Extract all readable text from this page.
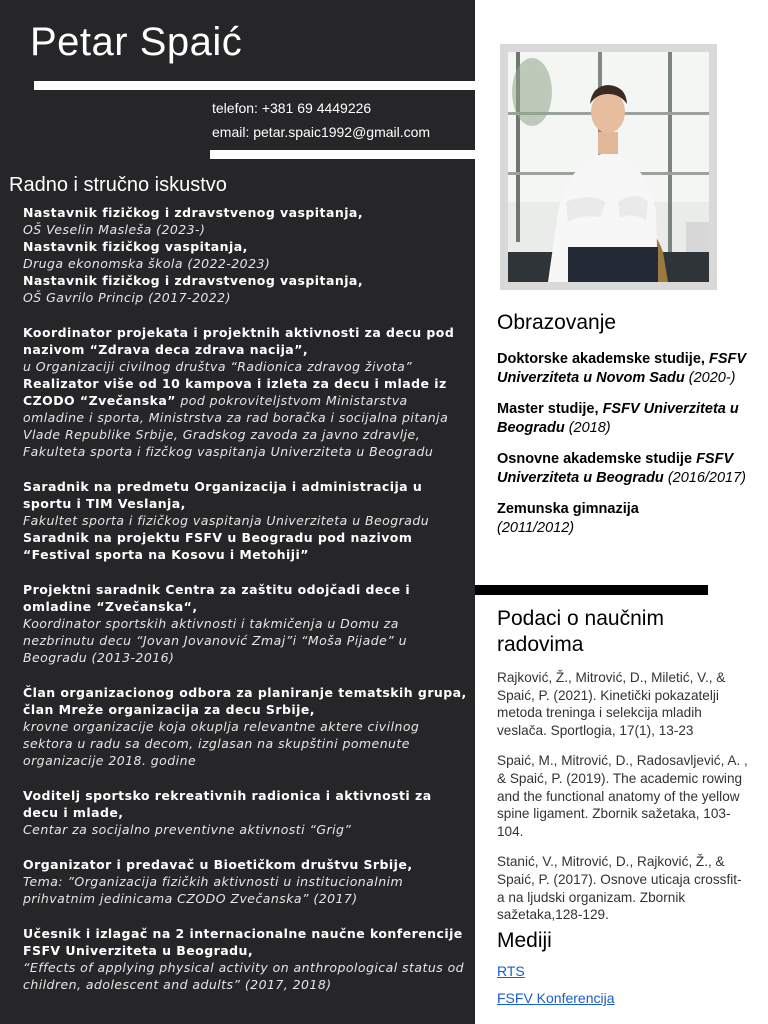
Petar Spaić
telefon: +381 69 4449226
email: petar.spaic1992@gmail.com
Radno i stručno iskustvo
Nastavnik fizičkog i zdravstvenog vaspitanja,
OŠ Veselin Masleša (2023-)
Nastavnik fizičkog vaspitanja,
Druga ekonomska škola (2022-2023)
Nastavnik fizičkog i zdravstvenog vaspitanja,
OŠ Gavrilo Princip (2017-2022)
Koordinator projekata i projektnih aktivnosti za decu pod nazivom “Zdrava deca zdrava nacija”,
u Organizaciji civilnog društva “Radionica zdravog života”
Realizator više od 10 kampova i izleta za decu i mlade iz CZODO “Zvečanska” pod pokroviteljstvom Ministarstva omladine i sporta, Ministrstva za rad boračka i socijalna pitanja Vlade Republike Srbije, Gradskog zavoda za javno zdravlje, Fakulteta sporta i fizčkog vaspitanja Univerziteta u Beogradu
Saradnik na predmetu Organizacija i administracija u sportu i TIM Veslanja,
Fakultet sporta i fizičkog vaspitanja Univerziteta u Beogradu
Saradnik na projektu FSFV u Beogradu pod nazivom “Festival sporta na Kosovu i Metohiji”
Projektni saradnik Centra za zaštitu odojčadi dece i omladine “Zvečanska“,
Koordinator sportskih aktivnosti i takmičenja u Domu za nezbrinutu decu “Jovan Jovanović Zmaj”i “Moša Pijade” u Beogradu (2013-2016)
Član organizacionog odbora za planiranje tematskih grupa, član Mreže organizacija za decu Srbije,
krovne organizacije koja okuplja relevantne aktere civilnog sektora u radu sa decom, izglasan na skupštini pomenute organizacije 2018. godine
Voditelj sportsko rekreativnih radionica i aktivnosti za decu i mlade,
Centar za socijalno preventivne aktivnosti “Grig”
Organizator i predavač u Bioetičkom društvu Srbije,
Tema: ”Organizacija fizičkih aktivnosti u institucionalnim prihvatnim jedinicama CZODO Zvečanska” (2017)
Učesnik i izlagač na 2 internacionalne naučne konferencije FSFV Univerziteta u Beogradu,
“Effects of applying physical activity on anthropological status od children, adolescent and adults” (2017, 2018)
Obrazovanje
Doktorske akademske studije, FSFV Univerziteta u Novom Sadu (2020-)
Master studije, FSFV Univerziteta u Beogradu (2018)
Osnovne akademske studije FSFV Univerziteta u Beogradu (2016/2017)
Zemunska gimnazija
(2011/2012)
Podaci o naučnim radovima
Rajković, Ž., Mitrović, D., Miletić, V., & Spaić, P. (2021). Kinetički pokazatelji metoda treninga i selekcija mladih veslača. Sportlogia, 17(1), 13-23
Spaić, M., Mitrović, D., Radosavljević, A. , & Spaić, P. (2019). The academic rowing and the functional anatomy of the yellow spine ligament. Zbornik sažetaka, 103-104.
Stanić, V., Mitrović, D., Rajković, Ž., & Spaić, P. (2017). Osnove uticaja crossfit-a na ljudski organizam. Zbornik sažetaka,128-129.
Mediji
RTS
FSFV Konferencija
